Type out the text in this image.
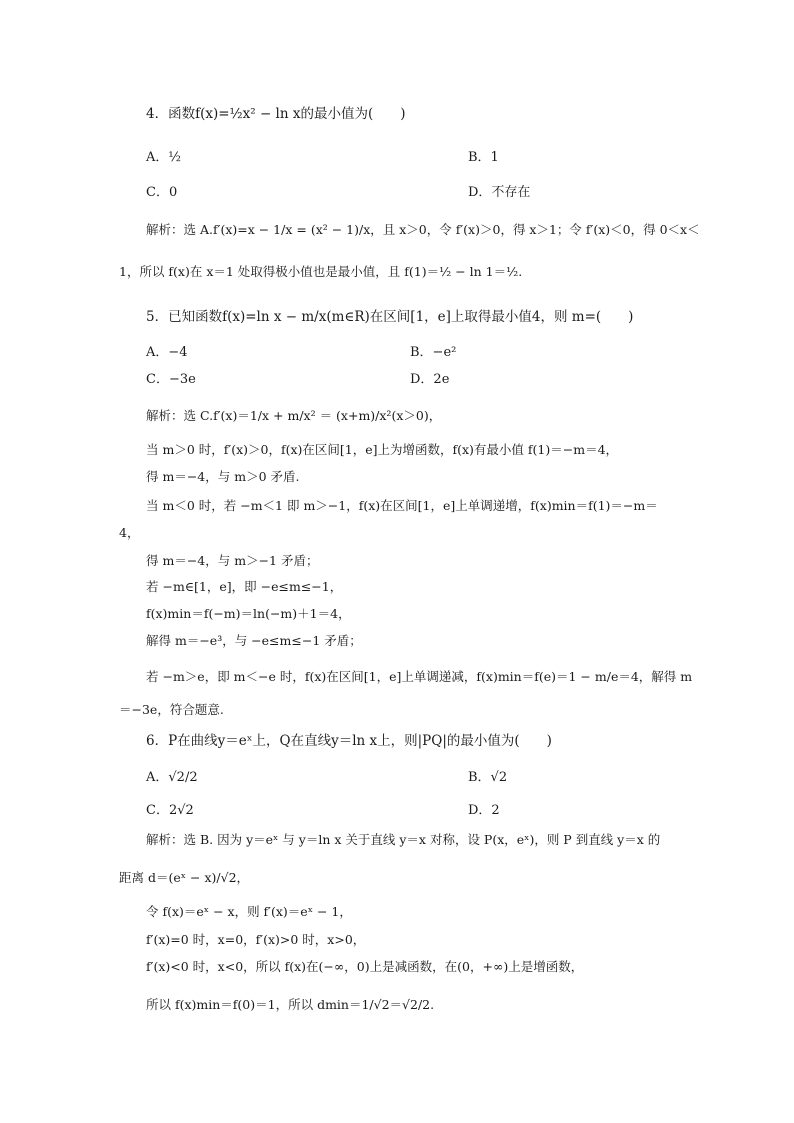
4．函数f(x)=½x² − ln x的最小值为(　　)
A．½	B．1
C．0	D．不存在
解析：选 A.f′(x)=x − 1/x = (x² − 1)/x，且 x＞0，令 f′(x)＞0，得 x＞1；令 f′(x)＜0，得 0＜x＜
1，所以 f(x)在 x＝1 处取得极小值也是最小值，且 f(1)＝½ − ln 1＝½.
5．已知函数f(x)=ln x − m/x(m∈R)在区间[1，e]上取得最小值4，则 m=(　　)
A．−4	B．−e²
C．−3e	D．2e
解析：选 C.f′(x)＝1/x + m/x² ＝ (x+m)/x²(x＞0)，
当 m＞0 时，f′(x)＞0，f(x)在区间[1，e]上为增函数，f(x)有最小值 f(1)＝−m＝4，
得 m＝−4，与 m＞0 矛盾.
当 m＜0 时，若 −m＜1 即 m＞−1，f(x)在区间[1，e]上单调递增，f(x)min＝f(1)＝−m＝
4，
得 m＝−4，与 m＞−1 矛盾；
若 −m∈[1，e]，即 −e≤m≤−1，
f(x)min＝f(−m)＝ln(−m)＋1＝4，
解得 m＝−e³，与 −e≤m≤−1 矛盾；
若 −m＞e，即 m＜−e 时，f(x)在区间[1，e]上单调递减，f(x)min＝f(e)＝1 − m/e＝4，解得 m
＝−3e，符合题意.
6．P在曲线y＝eˣ上，Q在直线y＝ln x上，则|PQ|的最小值为(　　)
A．√2/2	B．√2
C．2√2	D．2
解析：选 B. 因为 y＝eˣ 与 y＝ln x 关于直线 y＝x 对称，设 P(x，eˣ)，则 P 到直线 y＝x 的
距离 d＝(eˣ − x)/√2，
令 f(x)＝eˣ − x，则 f′(x)＝eˣ − 1，
f′(x)=0 时，x=0，f′(x)>0 时，x>0，
f′(x)<0 时，x<0，所以 f(x)在(−∞，0)上是减函数，在(0，+∞)上是增函数，
所以 f(x)min＝f(0)＝1，所以 dmin＝1/√2＝√2/2.
